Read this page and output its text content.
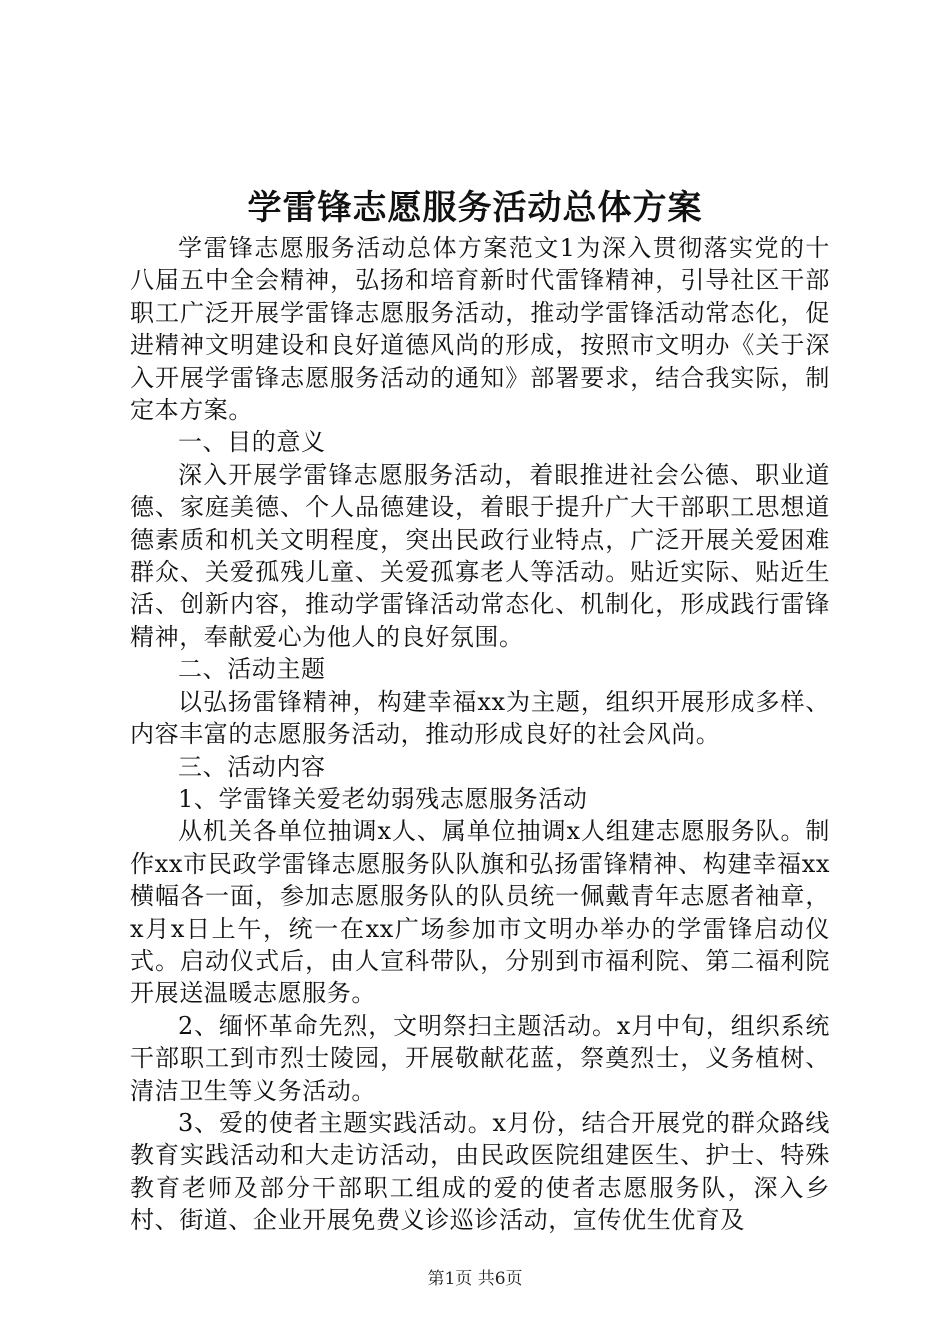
学雷锋志愿服务活动总体方案

学雷锋志愿服务活动总体方案范文1为深入贯彻落实党的十八届五中全会精神，弘扬和培育新时代雷锋精神，引导社区干部职工广泛开展学雷锋志愿服务活动，推动学雷锋活动常态化，促进精神文明建设和良好道德风尚的形成，按照市文明办《关于深入开展学雷锋志愿服务活动的通知》部署要求，结合我实际，制定本方案。

一、目的意义

深入开展学雷锋志愿服务活动，着眼推进社会公德、职业道德、家庭美德、个人品德建设，着眼于提升广大干部职工思想道德素质和机关文明程度，突出民政行业特点，广泛开展关爱困难群众、关爱孤残儿童、关爱孤寡老人等活动。贴近实际、贴近生活、创新内容，推动学雷锋活动常态化、机制化，形成践行雷锋精神，奉献爱心为他人的良好氛围。

二、活动主题

以弘扬雷锋精神，构建幸福xx为主题，组织开展形成多样、内容丰富的志愿服务活动，推动形成良好的社会风尚。

三、活动内容

1、学雷锋关爱老幼弱残志愿服务活动

从机关各单位抽调x人、属单位抽调x人组建志愿服务队。制作xx市民政学雷锋志愿服务队队旗和弘扬雷锋精神、构建幸福xx横幅各一面，参加志愿服务队的队员统一佩戴青年志愿者袖章，x月x日上午，统一在xx广场参加市文明办举办的学雷锋启动仪式。启动仪式后，由人宣科带队，分别到市福利院、第二福利院开展送温暖志愿服务。

2、缅怀革命先烈，文明祭扫主题活动。x月中旬，组织系统干部职工到市烈士陵园，开展敬献花蓝，祭奠烈士，义务植树、清洁卫生等义务活动。

3、爱的使者主题实践活动。x月份，结合开展党的群众路线教育实践活动和大走访活动，由民政医院组建医生、护士、特殊教育老师及部分干部职工组成的爱的使者志愿服务队，深入乡村、街道、企业开展免费义诊巡诊活动，宣传优生优育及

第1页 共6页
